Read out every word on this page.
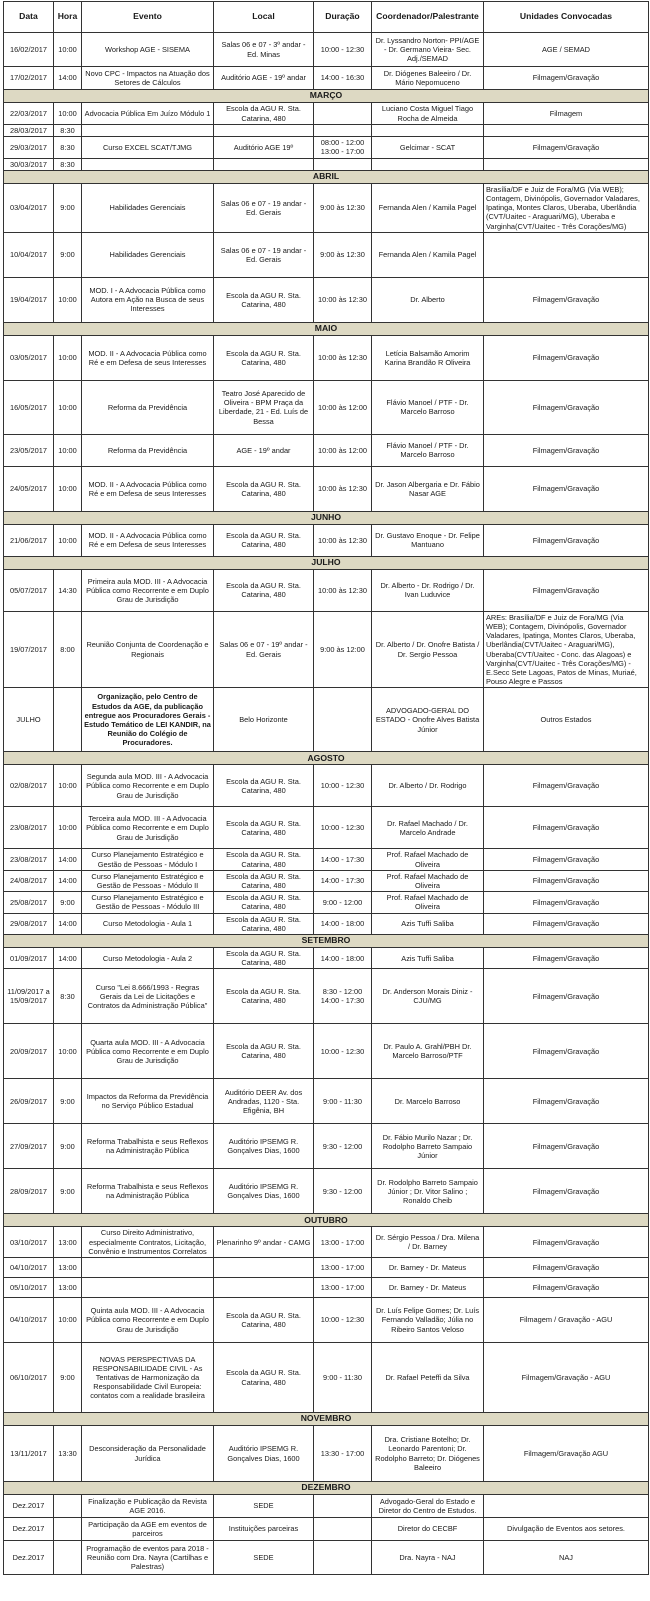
Data	Hora	Evento	Local	Duração	Coordenador/Palestrante	Unidades Convocadas
16/02/2017	10:00	Workshop AGE - SISEMA	Salas 06 e 07 - 3º andar - Ed. Minas	10:00 - 12:30	Dr. Lyssandro Norton- PPI/AGE - Dr. Germano Vieira- Sec. Adj./SEMAD	AGE / SEMAD
17/02/2017	14:00	Novo CPC - Impactos na Atuação dos Setores de Cálculos	Auditório AGE - 19º andar	14:00 - 16:30	Dr. Diógenes Baleeiro / Dr. Mário Nepomuceno	Filmagem/Gravação
MARÇO						
22/03/2017	10:00	Advocacia Pública Em Juízo Módulo 1	Escola da AGU R. Sta. Catarina, 480		Luciano Costa Miguel Tiago Rocha de Almeida	Filmagem
28/03/2017	8:30					
29/03/2017	8:30	Curso EXCEL SCAT/TJMG	Auditório AGE 19º	08:00 - 12:00 13:00 - 17:00	Gelcimar - SCAT	Filmagem/Gravação
30/03/2017	8:30					
ABRIL						
03/04/2017	9:00	Habilidades Gerenciais	Salas 06 e 07 - 19 andar - Ed. Gerais	9:00 às 12:30	Fernanda Alen / Kamila Pagel	Brasília/DF e Juiz de Fora/MG (Via WEB); Contagem, Divinópolis, Governador Valadares, Ipatinga, Montes Claros, Uberaba, Uberlândia (CVT/Uaitec - Araguari/MG), Uberaba e Varginha(CVT/Uaitec - Três Corações/MG)
10/04/2017	9:00	Habilidades Gerenciais	Salas 06 e 07 - 19 andar - Ed. Gerais	9:00 às 12:30	Fernanda Alen / Kamila Pagel	
19/04/2017	10:00	MOD. I - A Advocacia Pública como Autora em Ação na Busca de seus Interesses	Escola da AGU R. Sta. Catarina, 480	10:00 às 12:30	Dr. Alberto	Filmagem/Gravação
MAIO						
03/05/2017	10:00	MOD. II - A Advocacia Pública como Ré e em Defesa de seus Interesses	Escola da AGU R. Sta. Catarina, 480	10:00 às 12:30	Letícia Balsamão Amorim Karina Brandão R Oliveira	Filmagem/Gravação
16/05/2017	10:00	Reforma da Previdência	Teatro José Aparecido de Oliveira - BPM Praça da Liberdade, 21 - Ed. Luís de Bessa	10:00 às 12:00	Flávio Manoel / PTF - Dr. Marcelo Barroso	Filmagem/Gravação
23/05/2017	10:00	Reforma da Previdência	AGE - 19º andar	10:00 às 12:00	Flávio Manoel / PTF - Dr. Marcelo Barroso	Filmagem/Gravação
24/05/2017	10:00	MOD. II - A Advocacia Pública como Ré e em Defesa de seus Interesses	Escola da AGU R. Sta. Catarina, 480	10:00 às 12:30	Dr. Jason Albergaria e Dr. Fábio Nasar AGE	Filmagem/Gravação
JUNHO						
21/06/2017	10:00	MOD. II - A Advocacia Pública como Ré e em Defesa de seus Interesses	Escola da AGU R. Sta. Catarina, 480	10:00 às 12:30	Dr. Gustavo Enoque - Dr. Felipe Mantuano	Filmagem/Gravação
JULHO						
05/07/2017	14:30	Primeira aula MOD. III - A Advocacia Pública como Recorrente e em Duplo Grau de Jurisdição	Escola da AGU R. Sta. Catarina, 480	10:00 às 12:30	Dr. Alberto - Dr. Rodrigo / Dr. Ivan Luduvice	Filmagem/Gravação
19/07/2017	8:00	Reunião Conjunta de Coordenação e Regionais	Salas 06 e 07 - 19º andar - Ed. Gerais	9:00 às 12:00	Dr. Alberto / Dr. Onofre Batista / Dr. Sergio Pessoa	AREs: Brasília/DF e Juiz de Fora/MG (Via WEB); Contagem, Divinópolis, Governador Valadares, Ipatinga, Montes Claros, Uberaba, Uberlândia(CVT/Uaitec - Araguari/MG), Uberaba(CVT/Uaitec - Conc. das Alagoas) e Varginha(CVT/Uaitec - Três Corações/MG) - E.Secc Sete Lagoas, Patos de Minas, Muriaé, Pouso Alegre e Passos
JULHO		Organização, pelo Centro de Estudos da AGE, da publicação entregue aos Procuradores Gerais - Estudo Temático de LEI KANDIR, na Reunião do Colégio de Procuradores.	Belo Horizonte		ADVOGADO-GERAL DO ESTADO - Onofre Alves Batista Júnior	Outros Estados
AGOSTO						
02/08/2017	10:00	Segunda aula MOD. III - A Advocacia Pública como Recorrente e em Duplo Grau de Jurisdição	Escola da AGU R. Sta. Catarina, 480	10:00 - 12:30	Dr. Alberto / Dr. Rodrigo	Filmagem/Gravação
23/08/2017	10:00	Terceira aula MOD. III - A Advocacia Pública como Recorrente e em Duplo Grau de Jurisdição	Escola da AGU R. Sta. Catarina, 480	10:00 - 12:30	Dr. Rafael Machado / Dr. Marcelo Andrade	Filmagem/Gravação
23/08/2017	14:00	Curso Planejamento Estratégico e Gestão de Pessoas - Módulo I	Escola da AGU R. Sta. Catarina, 480	14:00 - 17:30	Prof. Rafael Machado de Oliveira	Filmagem/Gravação
24/08/2017	14:00	Curso Planejamento Estratégico e Gestão de Pessoas - Módulo II	Escola da AGU R. Sta. Catarina, 480	14:00 - 17:30	Prof. Rafael Machado de Oliveira	Filmagem/Gravação
25/08/2017	9:00	Curso Planejamento Estratégico e Gestão de Pessoas - Módulo III	Escola da AGU R. Sta. Catarina, 480	9:00 - 12:00	Prof. Rafael Machado de Oliveira	Filmagem/Gravação
29/08/2017	14:00	Curso Metodologia - Aula 1	Escola da AGU R. Sta. Catarina, 480	14:00 - 18:00	Azis Tuffi Saliba	Filmagem/Gravação
SETEMBRO						
01/09/2017	14:00	Curso Metodologia - Aula 2	Escola da AGU R. Sta. Catarina, 480	14:00 - 18:00	Azis Tuffi Saliba	Filmagem/Gravação
11/09/2017 a 15/09/2017	8:30	Curso "Lei 8.666/1993 - Regras Gerais da Lei de Licitações e Contratos da Administração Pública"	Escola da AGU R. Sta. Catarina, 480	8:30 - 12:00 14:00 - 17:30	Dr. Anderson Morais Diniz - CJU/MG	Filmagem/Gravação
20/09/2017	10:00	Quarta aula MOD. III - A Advocacia Pública como Recorrente e em Duplo Grau de Jurisdição	Escola da AGU R. Sta. Catarina, 480	10:00 - 12:30	Dr. Paulo A. Grahl/PBH Dr. Marcelo Barroso/PTF	Filmagem/Gravação
26/09/2017	9:00	Impactos da Reforma da Previdência no Serviço Público Estadual	Auditório DEER Av. dos Andradas, 1120 - Sta. Efigênia, BH	9:00 - 11:30	Dr. Marcelo Barroso	Filmagem/Gravação
27/09/2017	9:00	Reforma Trabalhista e seus Reflexos na Administração Pública	Auditório IPSEMG R. Gonçalves Dias, 1600	9:30 - 12:00	Dr. Fábio Murilo Nazar ; Dr. Rodolpho Barreto Sampaio Júnior	Filmagem/Gravação
28/09/2017	9:00	Reforma Trabalhista e seus Reflexos na Administração Pública	Auditório IPSEMG R. Gonçalves Dias, 1600	9:30 - 12:00	Dr. Rodolpho Barreto Sampaio Júnior ; Dr. Vitor Salino ; Ronaldo Cheib	Filmagem/Gravação
OUTUBRO						
03/10/2017	13:00	Curso Direito Administrativo, especialmente Contratos, Licitação, Convênio e Instrumentos Correlatos	Plenarinho 9º andar - CAMG	13:00 - 17:00	Dr. Sérgio Pessoa / Dra. Milena / Dr. Barney	Filmagem/Gravação
04/10/2017	13:00			13:00 - 17:00	Dr. Barney - Dr. Mateus	Filmagem/Gravação
05/10/2017	13:00			13:00 - 17:00	Dr. Barney - Dr. Mateus	Filmagem/Gravação
04/10/2017	10:00	Quinta aula MOD. III - A Advocacia Pública como Recorrente e em Duplo Grau de Jurisdição	Escola da AGU R. Sta. Catarina, 480	10:00 - 12:30	Dr. Luís Felipe Gomes; Dr. Luís Fernando Valladão; Júlia no Ribeiro Santos Veloso	Filmagem / Gravação - AGU
06/10/2017	9:00	NOVAS PERSPECTIVAS DA RESPONSABILIDADE CIVIL - As Tentativas de Harmonização da Responsabilidade Civil Europeia: contatos com a realidade brasileira	Escola da AGU R. Sta. Catarina, 480	9:00 - 11:30	Dr. Rafael Peteffi da Silva	Filmagem/Gravação - AGU
NOVEMBRO						
13/11/2017	13:30	Desconsideração da Personalidade Jurídica	Auditório IPSEMG R. Gonçalves Dias, 1600	13:30 - 17:00	Dra. Cristiane Botelho; Dr. Leonardo Parentoni; Dr. Rodolpho Barreto; Dr. Diógenes Baleeiro	Filmagem/Gravação AGU
DEZEMBRO						
Dez.2017		Finalização e Publicação da Revista AGE 2016.	SEDE		Advogado-Geral do Estado e Diretor do Centro de Estudos.	
Dez.2017		Participação da AGE em eventos de parceiros	Instituições parceiras		Diretor do CECBF	Divulgação de Eventos aos setores.
Dez.2017		Programação de eventos para 2018 - Reunião com Dra. Nayra (Cartilhas e Palestras)	SEDE		Dra. Nayra - NAJ	NAJ
